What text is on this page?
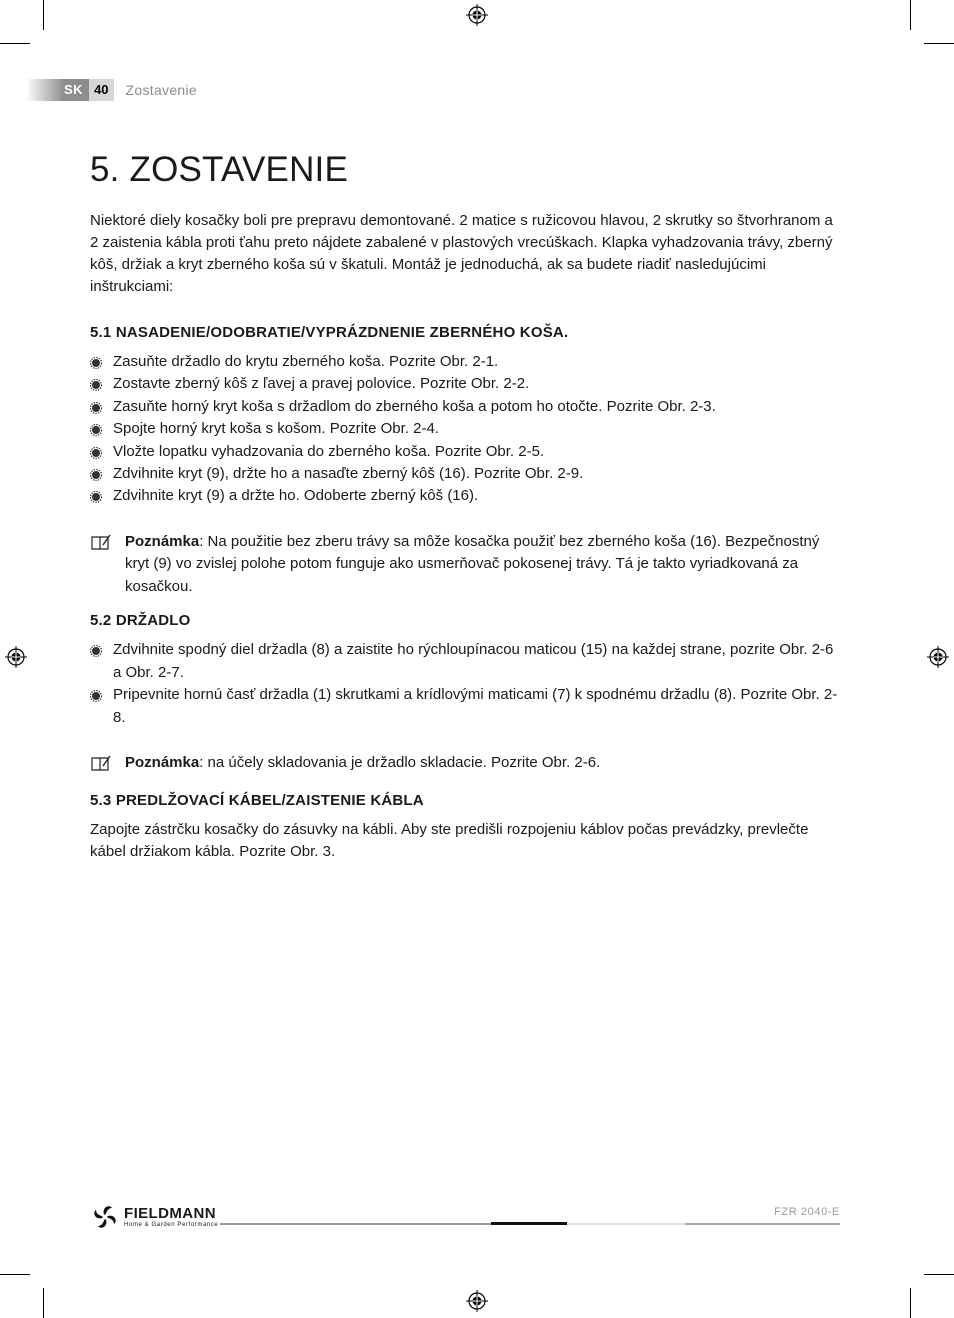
SK 40	Zostavenie
5. ZOSTAVENIE

Niektoré diely kosačky boli pre prepravu demontované. 2 matice s ružicovou hlavou, 2 skrutky so štvorhranom a 2 zaistenia kábla proti ťahu preto nájdete zabalené v plastových vrecúškach. Klapka vyhadzovania trávy, zberný kôš, držiak a kryt zberného koša sú v škatuli. Montáž je jednoduchá, ak sa budete riadiť nasledujúcimi inštrukciami:

5.1 NASADENIE/ODOBRATIE/VYPRÁZDNENIE ZBERNÉHO KOŠA.
Zasuňte držadlo do krytu zberného koša. Pozrite Obr. 2-1.
Zostavte zberný kôš z ľavej a pravej polovice. Pozrite Obr. 2-2.
Zasuňte horný kryt koša s držadlom do zberného koša a potom ho otočte. Pozrite Obr. 2-3.
Spojte horný kryt koša s košom. Pozrite Obr. 2-4.
Vložte lopatku vyhadzovania do zberného koša. Pozrite Obr. 2-5.
Zdvihnite kryt (9), držte ho a nasaďte zberný kôš (16). Pozrite Obr. 2-9.
Zdvihnite kryt (9) a držte ho. Odoberte zberný kôš (16).
Poznámka: Na použitie bez zberu trávy sa môže kosačka použiť bez zberného koša (16). Bezpečnostný kryt (9) vo zvislej polohe potom funguje ako usmerňovač pokosenej trávy. Tá je takto vyriadkovaná za kosačkou.
5.2 DRŽADLO
Zdvihnite spodný diel držadla (8) a zaistite ho rýchloupínacou maticou (15) na každej strane, pozrite Obr. 2-6 a Obr. 2-7.
Pripevnite hornú časť držadla (1) skrutkami a krídlovými maticami (7) k spodnému držadlu (8). Pozrite Obr. 2-8.
Poznámka: na účely skladovania je držadlo skladacie. Pozrite Obr. 2-6.
5.3 PREDLŽOVACÍ KÁBEL/ZAISTENIE KÁBLA

Zapojte zástrčku kosačky do zásuvky na kábli. Aby ste predišli rozpojeniu káblov počas prevádzky, prevlečte kábel držiakom kábla. Pozrite Obr. 3.

FIELDMANN
Home & Garden Performance
FZR 2040-E
